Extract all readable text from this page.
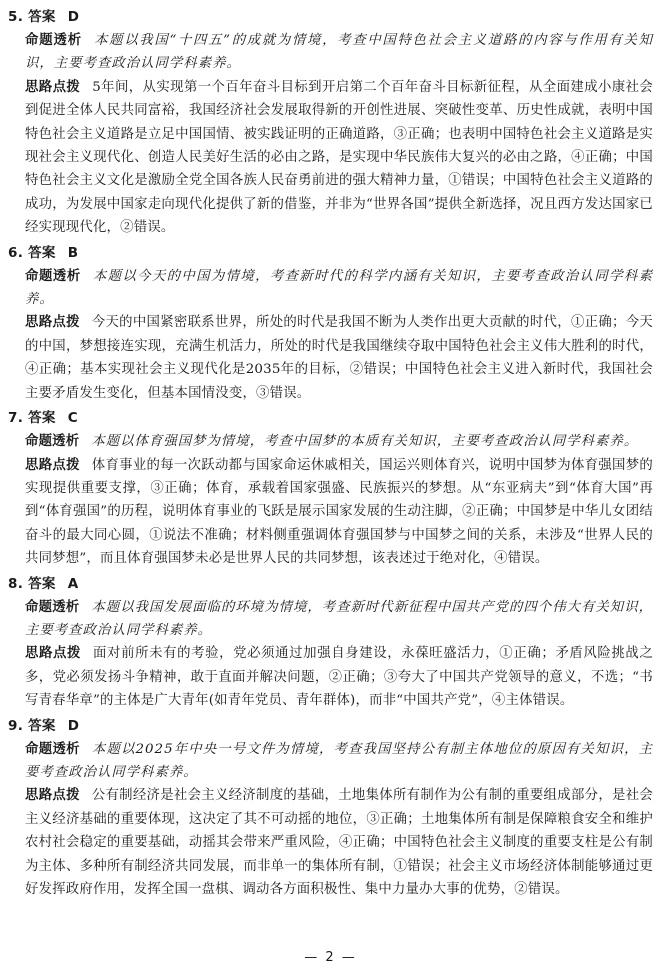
5. 答案 D
命题透析 本题以我国“十四五”的成就为情境，考查中国特色社会主义道路的内容与作用有关知识，主要考查政治认同学科素养。
思路点拨 5年间，从实现第一个百年奋斗目标到开启第二个百年奋斗目标新征程，从全面建成小康社会到促进全体人民共同富裕，我国经济社会发展取得新的开创性进展、突破性变革、历史性成就，表明中国特色社会主义道路是立足中国国情、被实践证明的正确道路，③正确；也表明中国特色社会主义道路是实现社会主义现代化、创造人民美好生活的必由之路，是实现中华民族伟大复兴的必由之路，④正确；中国特色社会主义文化是激励全党全国各族人民奋勇前进的强大精神力量，①错误；中国特色社会主义道路的成功，为发展中国家走向现代化提供了新的借鉴，并非为“世界各国”提供全新选择，况且西方发达国家已经实现现代化，②错误。
6. 答案 B
命题透析 本题以今天的中国为情境，考查新时代的科学内涵有关知识，主要考查政治认同学科素养。
思路点拨 今天的中国紧密联系世界，所处的时代是我国不断为人类作出更大贡献的时代，①正确；今天的中国，梦想接连实现，充满生机活力，所处的时代是我国继续夺取中国特色社会主义伟大胜利的时代，④正确；基本实现社会主义现代化是2035年的目标，②错误；中国特色社会主义进入新时代，我国社会主要矛盾发生变化，但基本国情没变，③错误。
7. 答案 C
命题透析 本题以体育强国梦为情境，考查中国梦的本质有关知识，主要考查政治认同学科素养。
思路点拨 体育事业的每一次跃动都与国家命运休戚相关，国运兴则体育兴，说明中国梦为体育强国梦的实现提供重要支撑，③正确；体育，承载着国家强盛、民族振兴的梦想。从“东亚病夫”到“体育大国”再到“体育强国”的历程，说明体育事业的飞跃是展示国家发展的生动注脚，②正确；中国梦是中华儿女团结奋斗的最大同心圆，①说法不准确；材料侧重强调体育强国梦与中国梦之间的关系，未涉及“世界人民的共同梦想”，而且体育强国梦未必是世界人民的共同梦想，该表述过于绝对化，④错误。
8. 答案 A
命题透析 本题以我国发展面临的环境为情境，考查新时代新征程中国共产党的四个伟大有关知识，主要考查政治认同学科素养。
思路点拨 面对前所未有的考验，党必须通过加强自身建设，永葆旺盛活力，①正确；矛盾风险挑战之多，党必须发扬斗争精神，敢于直面并解决问题，②正确；③夸大了中国共产党领导的意义，不选；“书写青春华章”的主体是广大青年(如青年党员、青年群体)，而非“中国共产党”，④主体错误。
9. 答案 D
命题透析 本题以2025年中央一号文件为情境，考查我国坚持公有制主体地位的原因有关知识，主要考查政治认同学科素养。
思路点拨 公有制经济是社会主义经济制度的基础，土地集体所有制作为公有制的重要组成部分，是社会主义经济基础的重要体现，这决定了其不可动摇的地位，③正确；土地集体所有制是保障粮食安全和维护农村社会稳定的重要基础，动摇其会带来严重风险，④正确；中国特色社会主义制度的重要支柱是公有制为主体、多种所有制经济共同发展，而非单一的集体所有制，①错误；社会主义市场经济体制能够通过更好发挥政府作用，发挥全国一盘棋、调动各方面积极性、集中力量办大事的优势，②错误。
— 2 —
